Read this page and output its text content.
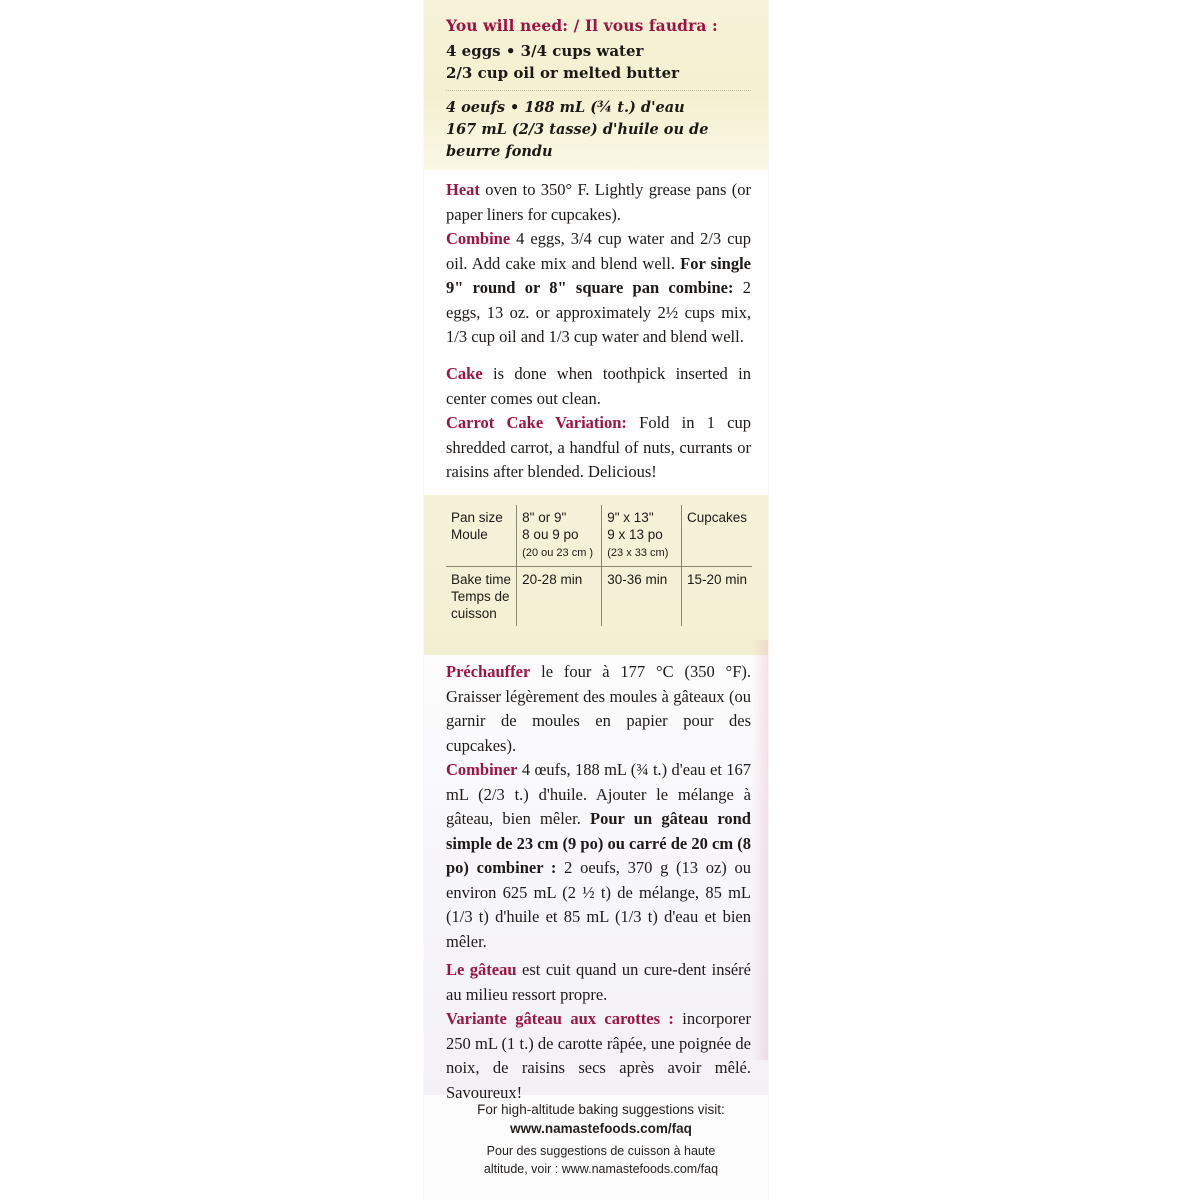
You will need: / Il vous faudra :
4 eggs • 3/4 cups water
2/3 cup oil or melted butter
4 oeufs • 188 mL (¾ t.) d'eau
167 mL (2/3 tasse) d'huile ou de
beurre fondu
Heat oven to 350° F. Lightly grease pans (or paper liners for cupcakes).
Combine 4 eggs, 3/4 cup water and 2/3 cup oil. Add cake mix and blend well. For single 9" round or 8" square pan combine: 2 eggs, 13 oz. or approximately 2½ cups mix, 1/3 cup oil and 1/3 cup water and blend well.
Cake is done when toothpick inserted in center comes out clean.
Carrot Cake Variation: Fold in 1 cup shredded carrot, a handful of nuts, currants or raisins after blended. Delicious!
Pan size
Moule	8" or 9"
8 ou 9 po
(20 ou 23 cm )	9" x 13"
9 x 13 po
(23 x 33 cm)	Cupcakes
Bake time
Temps de
cuisson	20-28 min	30-36 min	15-20 min
Préchauffer le four à 177 °C (350 °F). Graisser légèrement des moules à gâteaux (ou garnir de moules en papier pour des cupcakes).
Combiner 4 œufs, 188 mL (¾ t.) d'eau et 167 mL (2/3 t.) d'huile. Ajouter le mélange à gâteau, bien mêler. Pour un gâteau rond simple de 23 cm (9 po) ou carré de 20 cm (8 po) combiner : 2 oeufs, 370 g (13 oz) ou environ 625 mL (2 ½ t) de mélange, 85 mL (1/3 t) d'huile et 85 mL (1/3 t) d'eau et bien mêler.
Le gâteau est cuit quand un cure-dent inséré au milieu ressort propre.
Variante gâteau aux carottes : incorporer 250 mL (1 t.) de carotte râpée, une poignée de noix, de raisins secs après avoir mêlé. Savoureux!
For high-altitude baking suggestions visit:
www.namastefoods.com/faq
Pour des suggestions de cuisson à haute
altitude, voir : www.namastefoods.com/faq
